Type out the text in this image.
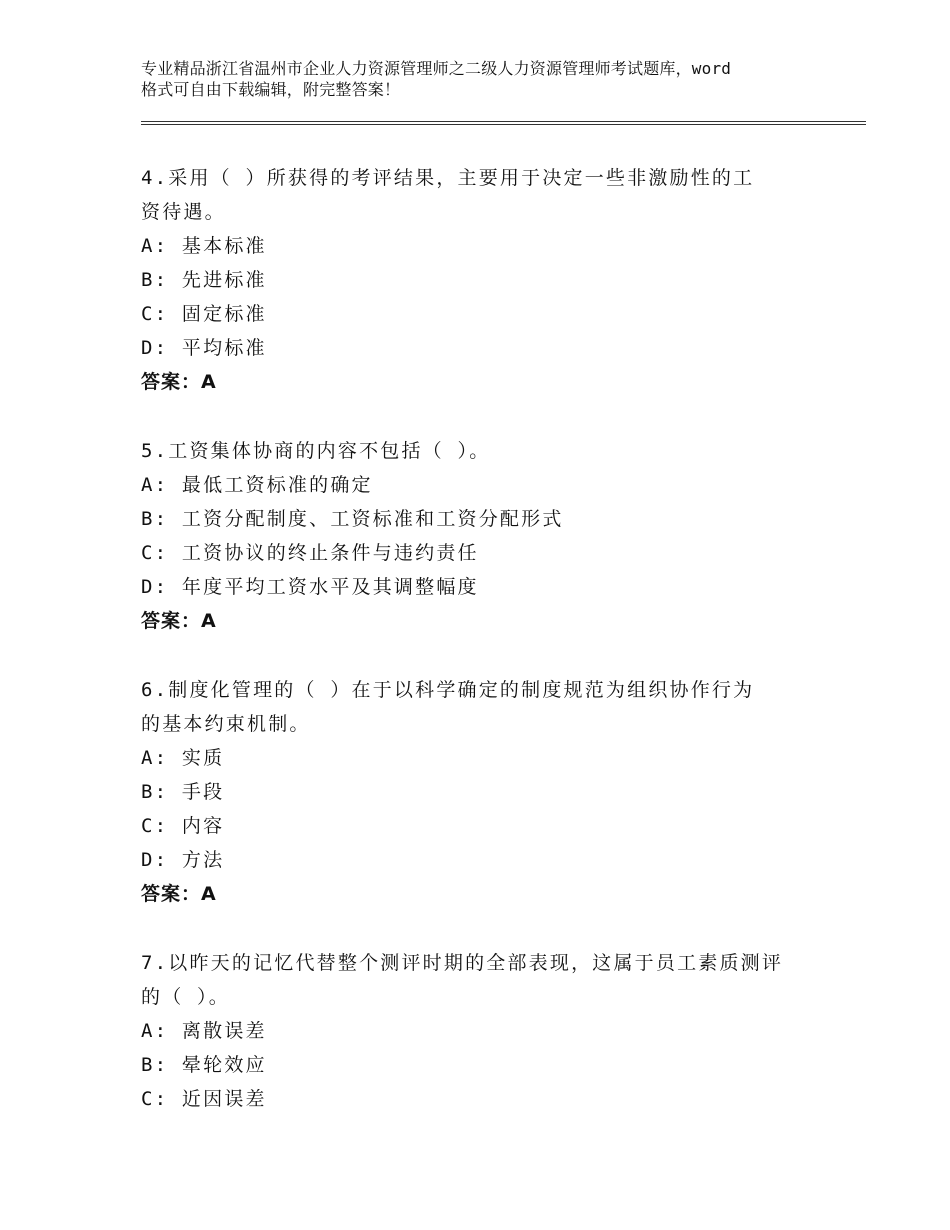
专业精品浙江省温州市企业人力资源管理师之二级人力资源管理师考试题库，word
格式可自由下载编辑，附完整答案！

4.采用（ ）所获得的考评结果，主要用于决定一些非激励性的工

资待遇。

A: 基本标准

B: 先进标准

C: 固定标准

D: 平均标准

答案：A

5.工资集体协商的内容不包括（ ）。

A: 最低工资标准的确定

B: 工资分配制度、工资标准和工资分配形式

C: 工资协议的终止条件与违约责任

D: 年度平均工资水平及其调整幅度

答案：A

6.制度化管理的（ ）在于以科学确定的制度规范为组织协作行为

的基本约束机制。

A: 实质

B: 手段

C: 内容

D: 方法

答案：A

7.以昨天的记忆代替整个测评时期的全部表现，这属于员工素质测评

的（ ）。

A: 离散误差

B: 晕轮效应

C: 近因误差
